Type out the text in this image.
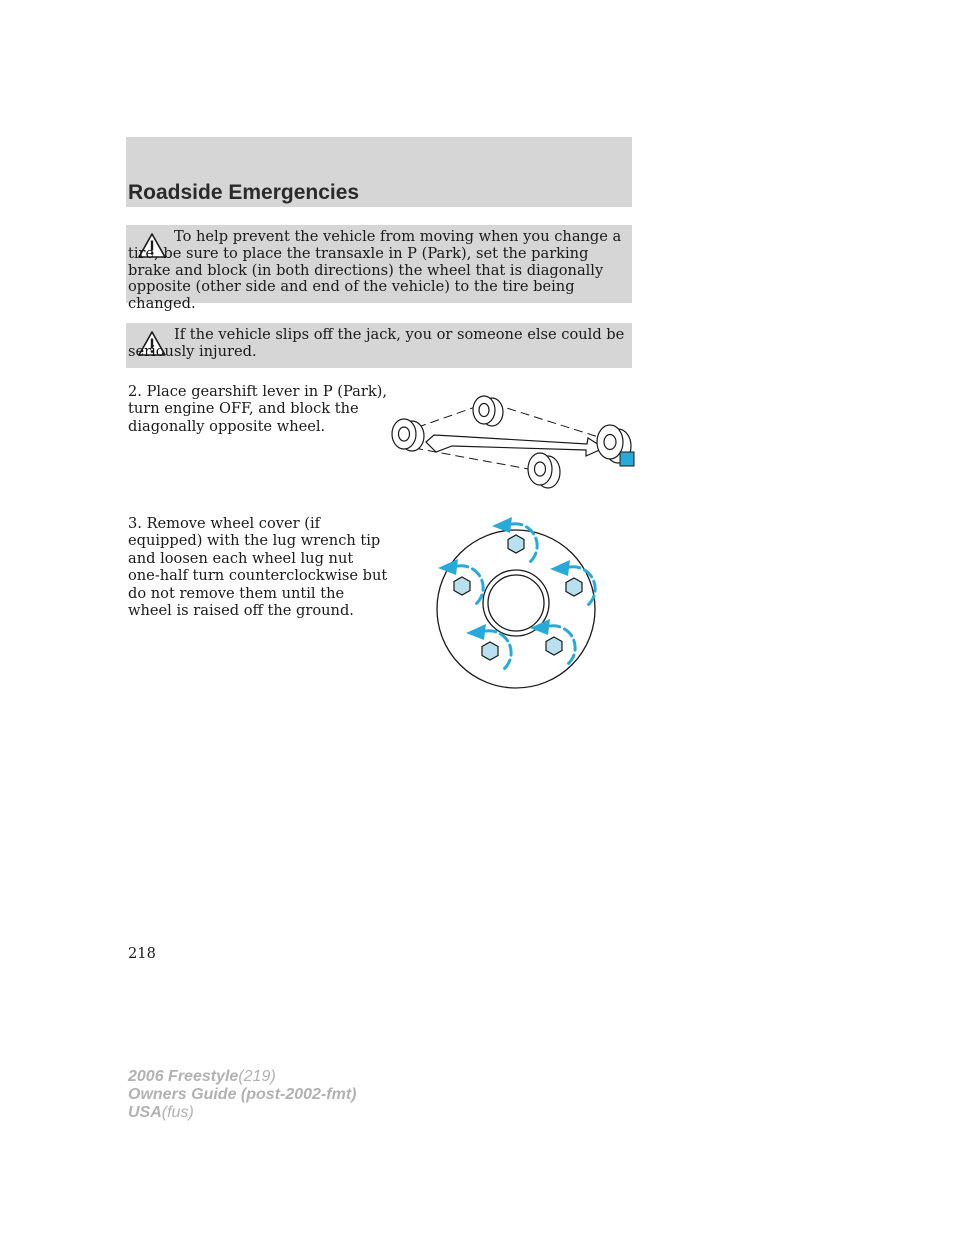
Roadside Emergencies
To help prevent the vehicle from moving when you change a tire, be sure to place the transaxle in P (Park), set the parking brake and block (in both directions) the wheel that is diagonally opposite (other side and end of the vehicle) to the tire being changed.
If the vehicle slips off the jack, you or someone else could be seriously injured.
2. Place gearshift lever in P (Park), turn engine OFF, and block the diagonally opposite wheel.
3. Remove wheel cover (if equipped) with the lug wrench tip and loosen each wheel lug nut one-half turn counterclockwise but do not remove them until the wheel is raised off the ground.
218
2006 Freestyle(219)
Owners Guide (post-2002-fmt)
USA(fus)
